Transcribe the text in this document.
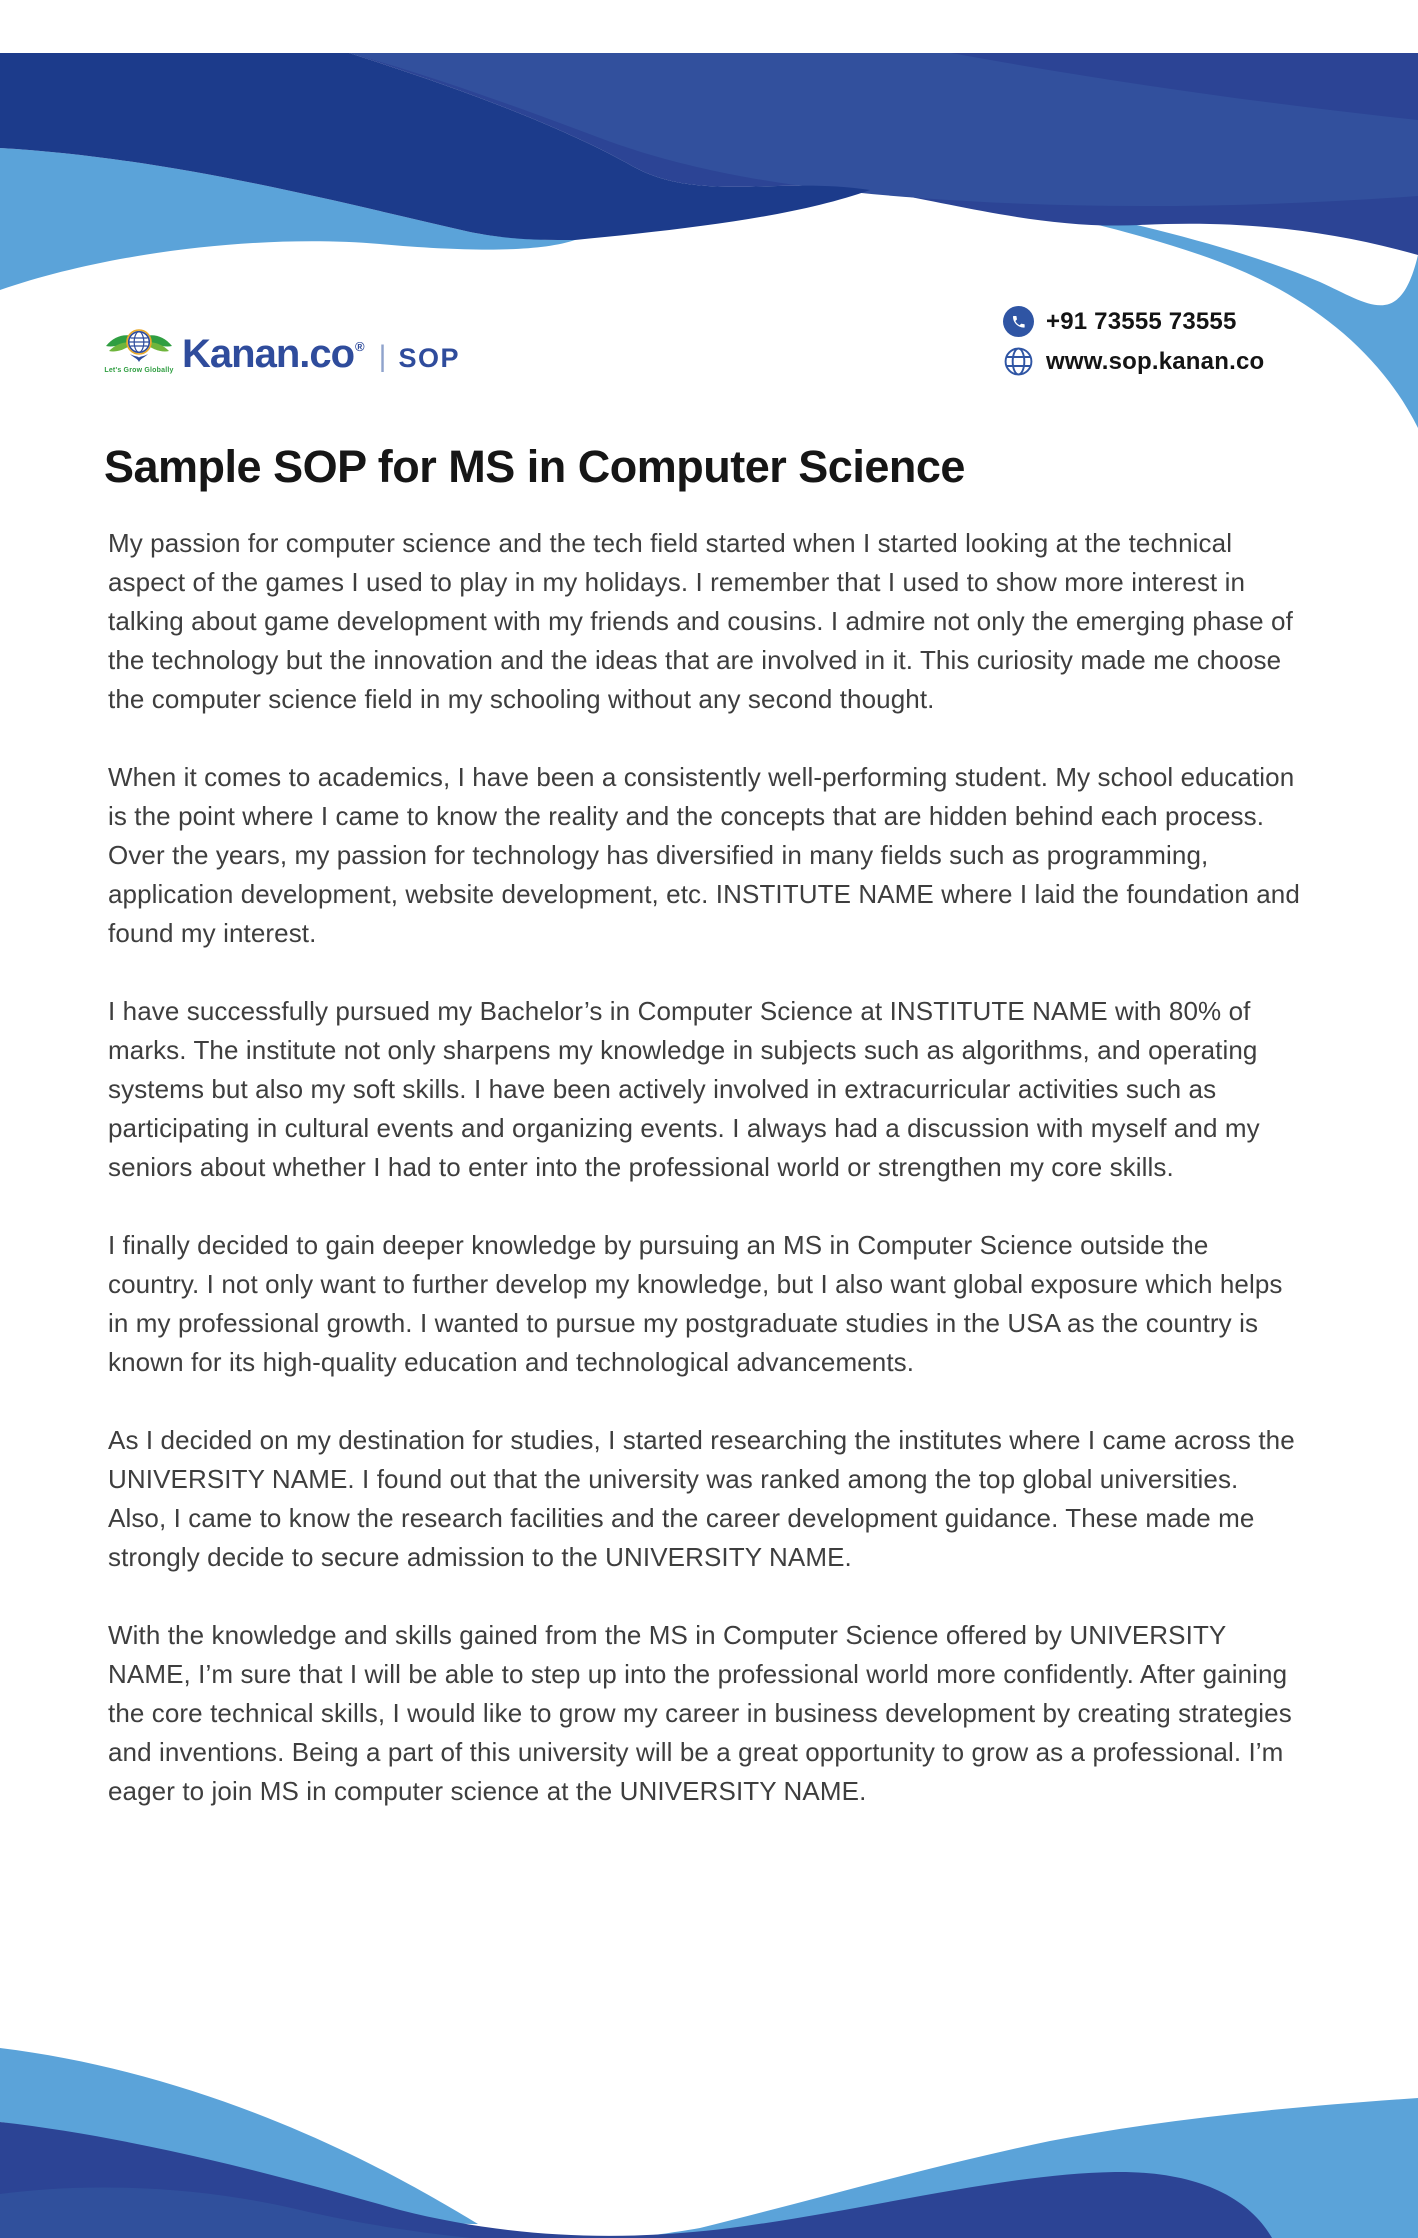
Let's Grow Globally Kanan.co ® | SOP
+91 73555 73555
www.sop.kanan.co
Sample SOP for MS in Computer Science

My passion for computer science and the tech field started when I started looking at the technical aspect of the games I used to play in my holidays. I remember that I used to show more interest in talking about game development with my friends and cousins. I admire not only the emerging phase of the technology but the innovation and the ideas that are involved in it. This curiosity made me choose the computer science field in my schooling without any second thought.

When it comes to academics, I have been a consistently well-performing student. My school education is the point where I came to know the reality and the concepts that are hidden behind each process. Over the years, my passion for technology has diversified in many fields such as programming, application development, website development, etc. INSTITUTE NAME where I laid the foundation and found my interest.

I have successfully pursued my Bachelor’s in Computer Science at INSTITUTE NAME with 80% of marks. The institute not only sharpens my knowledge in subjects such as algorithms, and operating systems but also my soft skills. I have been actively involved in extracurricular activities such as participating in cultural events and organizing events. I always had a discussion with myself and my seniors about whether I had to enter into the professional world or strengthen my core skills.

I finally decided to gain deeper knowledge by pursuing an MS in Computer Science outside the country. I not only want to further develop my knowledge, but I also want global exposure which helps in my professional growth. I wanted to pursue my postgraduate studies in the USA as the country is known for its high-quality education and technological advancements.

As I decided on my destination for studies, I started researching the institutes where I came across the UNIVERSITY NAME. I found out that the university was ranked among the top global universities. Also, I came to know the research facilities and the career development guidance. These made me strongly decide to secure admission to the UNIVERSITY NAME.

With the knowledge and skills gained from the MS in Computer Science offered by UNIVERSITY NAME, I’m sure that I will be able to step up into the professional world more confidently. After gaining the core technical skills, I would like to grow my career in business development by creating strategies and inventions. Being a part of this university will be a great opportunity to grow as a professional. I’m eager to join MS in computer science at the UNIVERSITY NAME.
